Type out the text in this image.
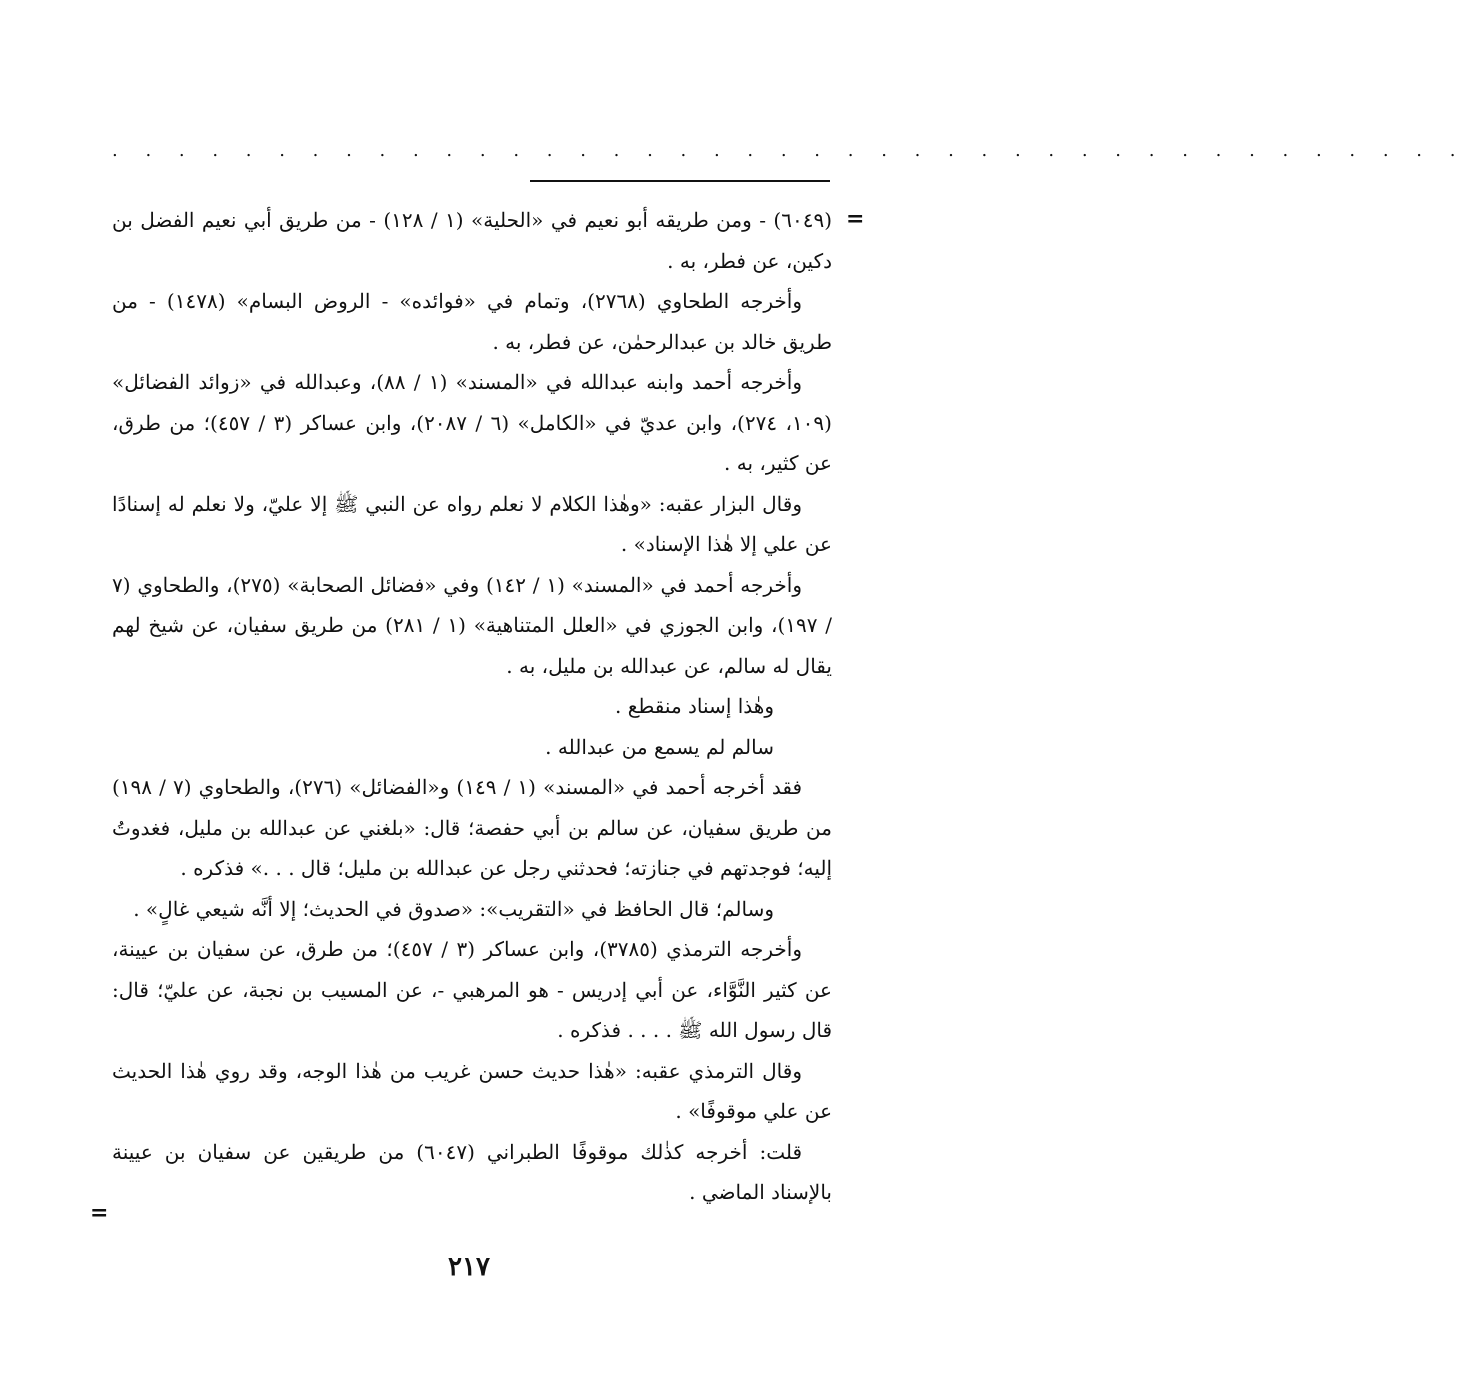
. . . . . . . . . . . . . . . . . . . . . . . . . . . . . . . . . . . . . . . . .
=

(٦٠٤٩) - ومن طريقه أبو نعيم في «الحلية» (١ / ١٢٨) - من طريق أبي نعيم الفضل بن دكين، عن فطر، به .

وأخرجه الطحاوي (٢٧٦٨)، وتمام في «فوائده» - الروض البسام» (١٤٧٨) - من طريق خالد بن عبدالرحمٰن، عن فطر، به .

وأخرجه أحمد وابنه عبدالله في «المسند» (١ / ٨٨)، وعبدالله في «زوائد الفضائل» (١٠٩، ٢٧٤)، وابن عديّ في «الكامل» (٦ / ٢٠٨٧)، وابن عساكر (٣ / ٤٥٧)؛ من طرق، عن كثير، به .

وقال البزار عقبه: «وهٰذا الكلام لا نعلم رواه عن النبي ﷺ إلا عليّ، ولا نعلم له إسنادًا عن علي إلا هٰذا الإسناد» .

وأخرجه أحمد في «المسند» (١ / ١٤٢) وفي «فضائل الصحابة» (٢٧٥)، والطحاوي (٧ / ١٩٧)، وابن الجوزي في «العلل المتناهية» (١ / ٢٨١) من طريق سفيان، عن شيخ لهم يقال له سالم، عن عبدالله بن مليل، به .

وهٰذا إسناد منقطع .

سالم لم يسمع من عبدالله .

فقد أخرجه أحمد في «المسند» (١ / ١٤٩) و«الفضائل» (٢٧٦)، والطحاوي (٧ / ١٩٨) من طريق سفيان، عن سالم بن أبي حفصة؛ قال: «بلغني عن عبدالله بن مليل، فغدوتُ إليه؛ فوجدتهم في جنازته؛ فحدثني رجل عن عبدالله بن مليل؛ قال . . .» فذكره .

وسالم؛ قال الحافظ في «التقريب»: «صدوق في الحديث؛ إلا أنَّه شيعي غالٍ» .

وأخرجه الترمذي (٣٧٨٥)، وابن عساكر (٣ / ٤٥٧)؛ من طرق، عن سفيان بن عيينة، عن كثير النَّوَّاء، عن أبي إدريس - هو المرهبي -، عن المسيب بن نجبة، عن عليّ؛ قال: قال رسول الله ﷺ . . . . فذكره .

وقال الترمذي عقبه: «هٰذا حديث حسن غريب من هٰذا الوجه، وقد روي هٰذا الحديث عن علي موقوفًا» .

قلت: أخرجه كذٰلك موقوفًا الطبراني (٦٠٤٧) من طريقين عن سفيان بن عيينة بالإسناد الماضي .

=
٢١٧
